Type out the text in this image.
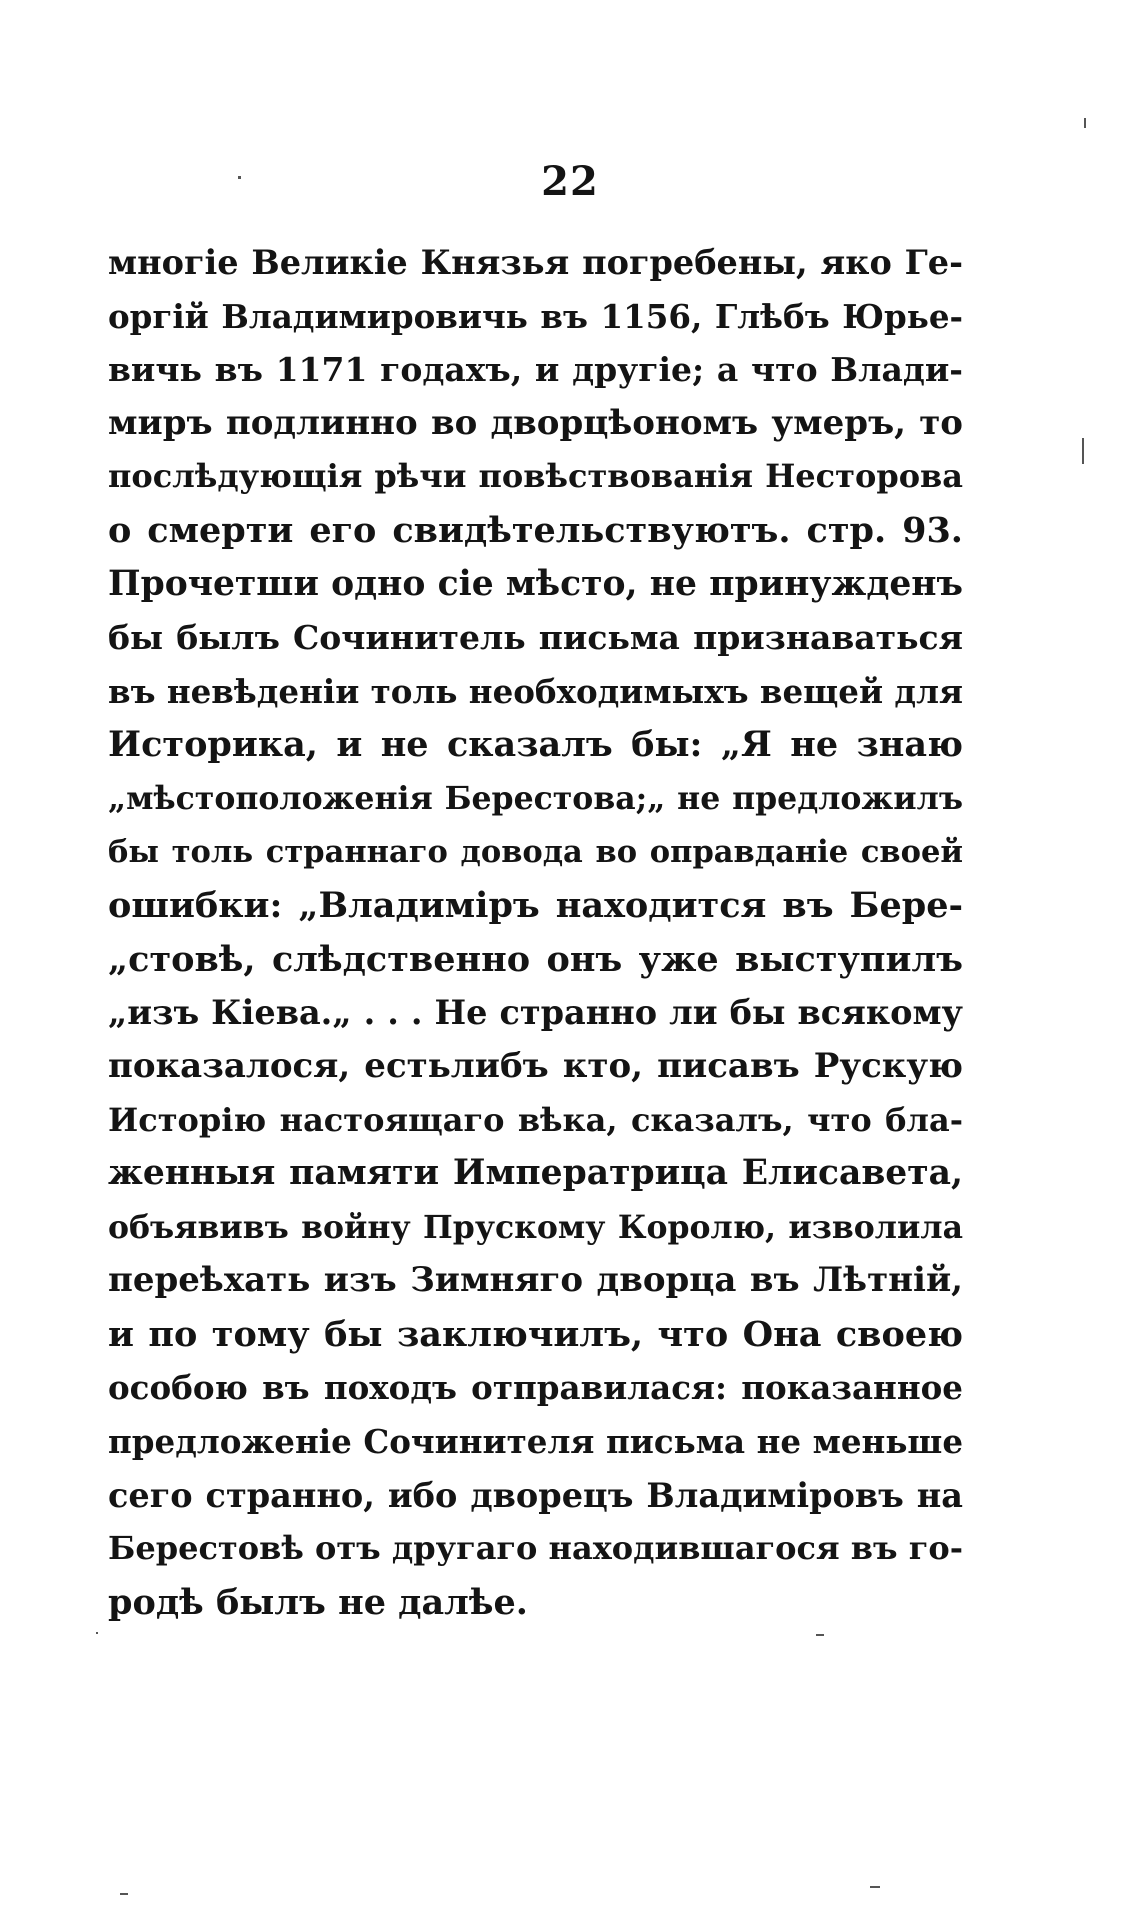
22
многіе Великіе Князья погребены, яко Ге-
оргій Владимировичь въ 1156, Глѣбъ Юрье-
вичь въ 1171 годахъ, и другіе; а что Влади-
миръ подлинно во дворцѣономъ умеръ, то
послѣдующія рѣчи повѣствованія Несторова
о смерти его свидѣтельствуютъ. стр. 93.
Прочетши одно сіе мѣсто, не принужденъ
бы былъ Сочинитель письма признаваться
въ невѣденіи толь необходимыхъ вещей для
Историка, и не сказалъ бы: „Я не знаю
„мѣстоположенія Берестова;„ не предложилъ
бы толь страннаго довода во оправданіе своей
ошибки: „Владиміръ находится въ Бере-
„стовѣ, слѣдственно онъ уже выступилъ
„изъ Кіева.„ . . . Не странно ли бы всякому
показалося, естьлибъ кто, писавъ Рускую
Исторію настоящаго вѣка, сказалъ, что бла-
женныя памяти Императрица Елисавета,
объявивъ войну Прускому Королю, изволила
переѣхать изъ Зимняго дворца въ Лѣтній,
и по тому бы заключилъ, что Она своею
особою въ походъ отправилася: показанное
предложеніе Сочинителя письма не меньше
сего странно, ибо дворецъ Владиміровъ на
Берестовѣ отъ другаго находившагося въ го-
родѣ былъ не далѣе.
